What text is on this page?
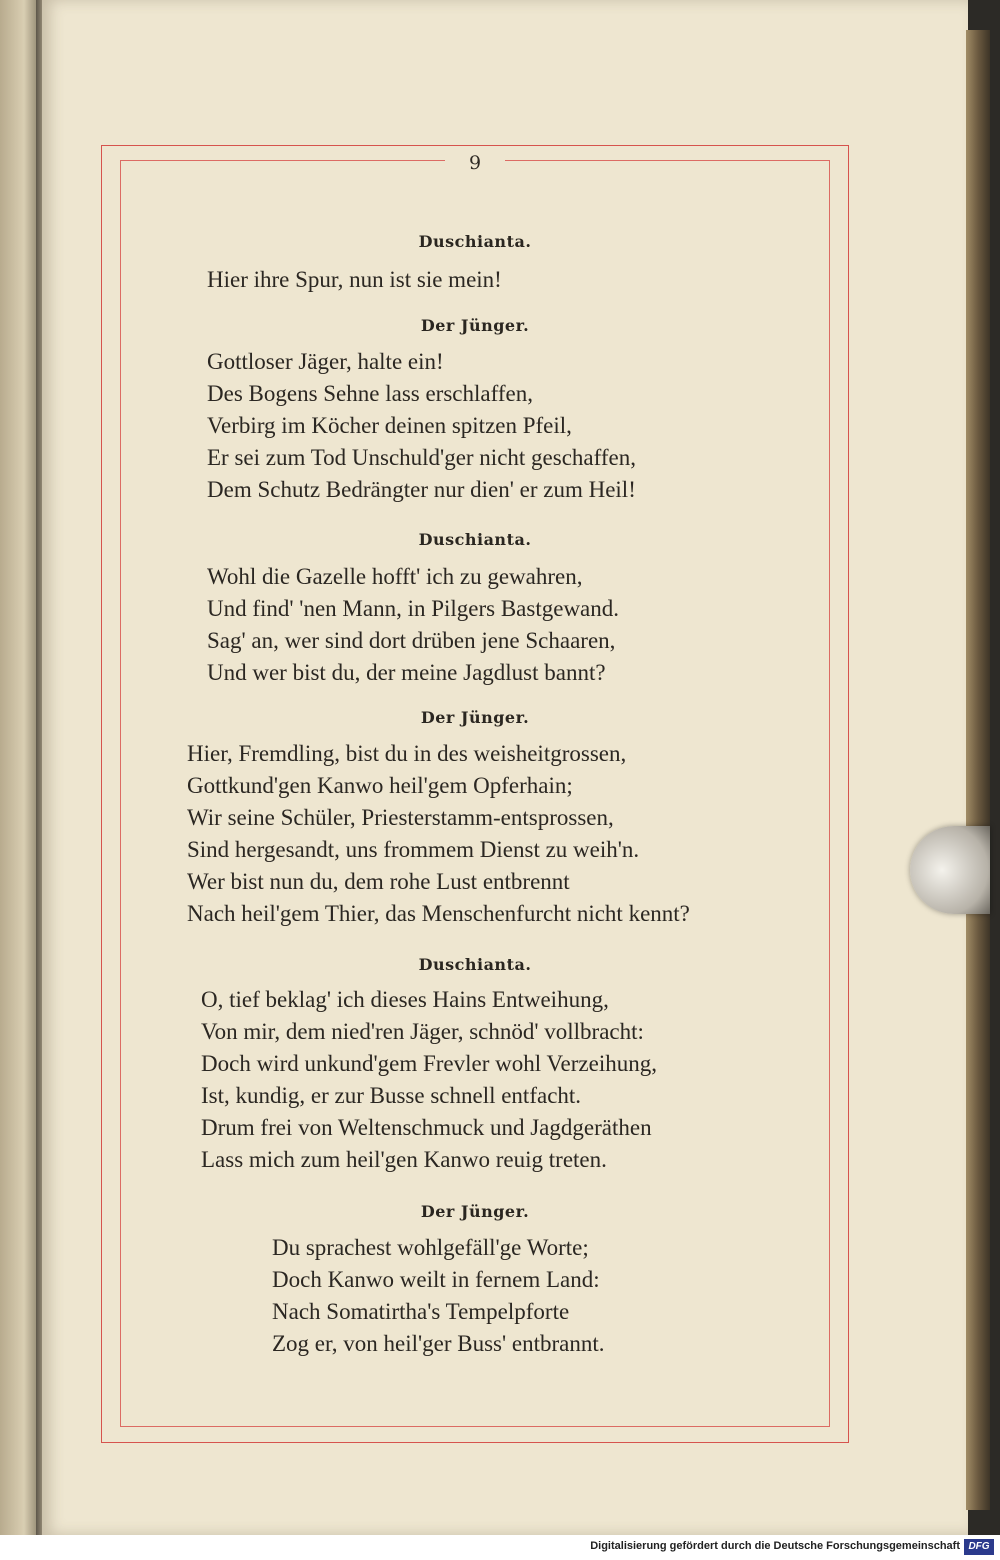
9
Duschianta.
Hier ihre Spur, nun ist sie mein!
Der Jünger.
Gottloser Jäger, halte ein!
Des Bogens Sehne lass erschlaffen,
Verbirg im Köcher deinen spitzen Pfeil,
Er sei zum Tod Unschuld'ger nicht geschaffen,
Dem Schutz Bedrängter nur dien' er zum Heil!
Duschianta.
Wohl die Gazelle hofft' ich zu gewahren,
Und find' 'nen Mann, in Pilgers Bastgewand.
Sag' an, wer sind dort drüben jene Schaaren,
Und wer bist du, der meine Jagdlust bannt?
Der Jünger.
Hier, Fremdling, bist du in des weisheitgrossen,
Gottkund'gen Kanwo heil'gem Opferhain;
Wir seine Schüler, Priesterstamm-entsprossen,
Sind hergesandt, uns frommem Dienst zu weih'n.
Wer bist nun du, dem rohe Lust entbrennt
Nach heil'gem Thier, das Menschenfurcht nicht kennt?
Duschianta.
O, tief beklag' ich dieses Hains Entweihung,
Von mir, dem nied'ren Jäger, schnöd' vollbracht:
Doch wird unkund'gem Frevler wohl Verzeihung,
Ist, kundig, er zur Busse schnell entfacht.
Drum frei von Weltenschmuck und Jagdgeräthen
Lass mich zum heil'gen Kanwo reuig treten.
Der Jünger.
Du sprachest wohlgefäll'ge Worte;
Doch Kanwo weilt in fernem Land:
Nach Somatirtha's Tempelpforte
Zog er, von heil'ger Buss' entbrannt.
Digitalisierung gefördert durch die Deutsche Forschungsgemeinschaft DFG
